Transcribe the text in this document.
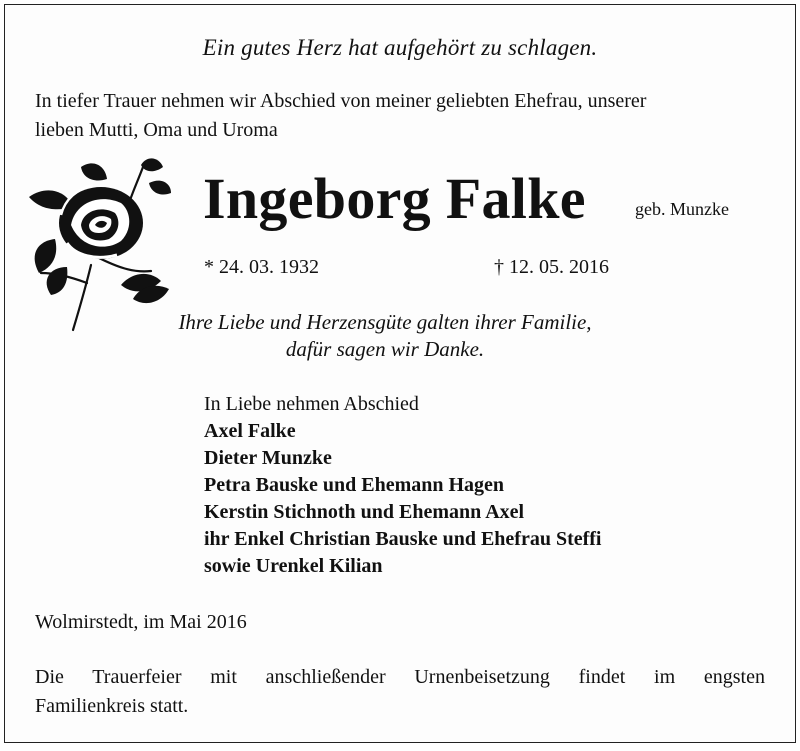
Ein gutes Herz hat aufgehört zu schlagen.
In tiefer Trauer nehmen wir Abschied von meiner geliebten Ehefrau, unserer
lieben Mutti, Oma und Uroma
Ingeborg Falke	geb. Munzke
* 24. 03. 1932	† 12. 05. 2016
Ihre Liebe und Herzensgüte galten ihrer Familie,
dafür sagen wir Danke.
In Liebe nehmen Abschied
Axel Falke
Dieter Munzke
Petra Bauske und Ehemann Hagen
Kerstin Stichnoth und Ehemann Axel
ihr Enkel Christian Bauske und Ehefrau Steffi
sowie Urenkel Kilian
Wolmirstedt, im Mai 2016
Die Trauerfeier mit anschließender Urnenbeisetzung findet im engsten
Familienkreis statt.
